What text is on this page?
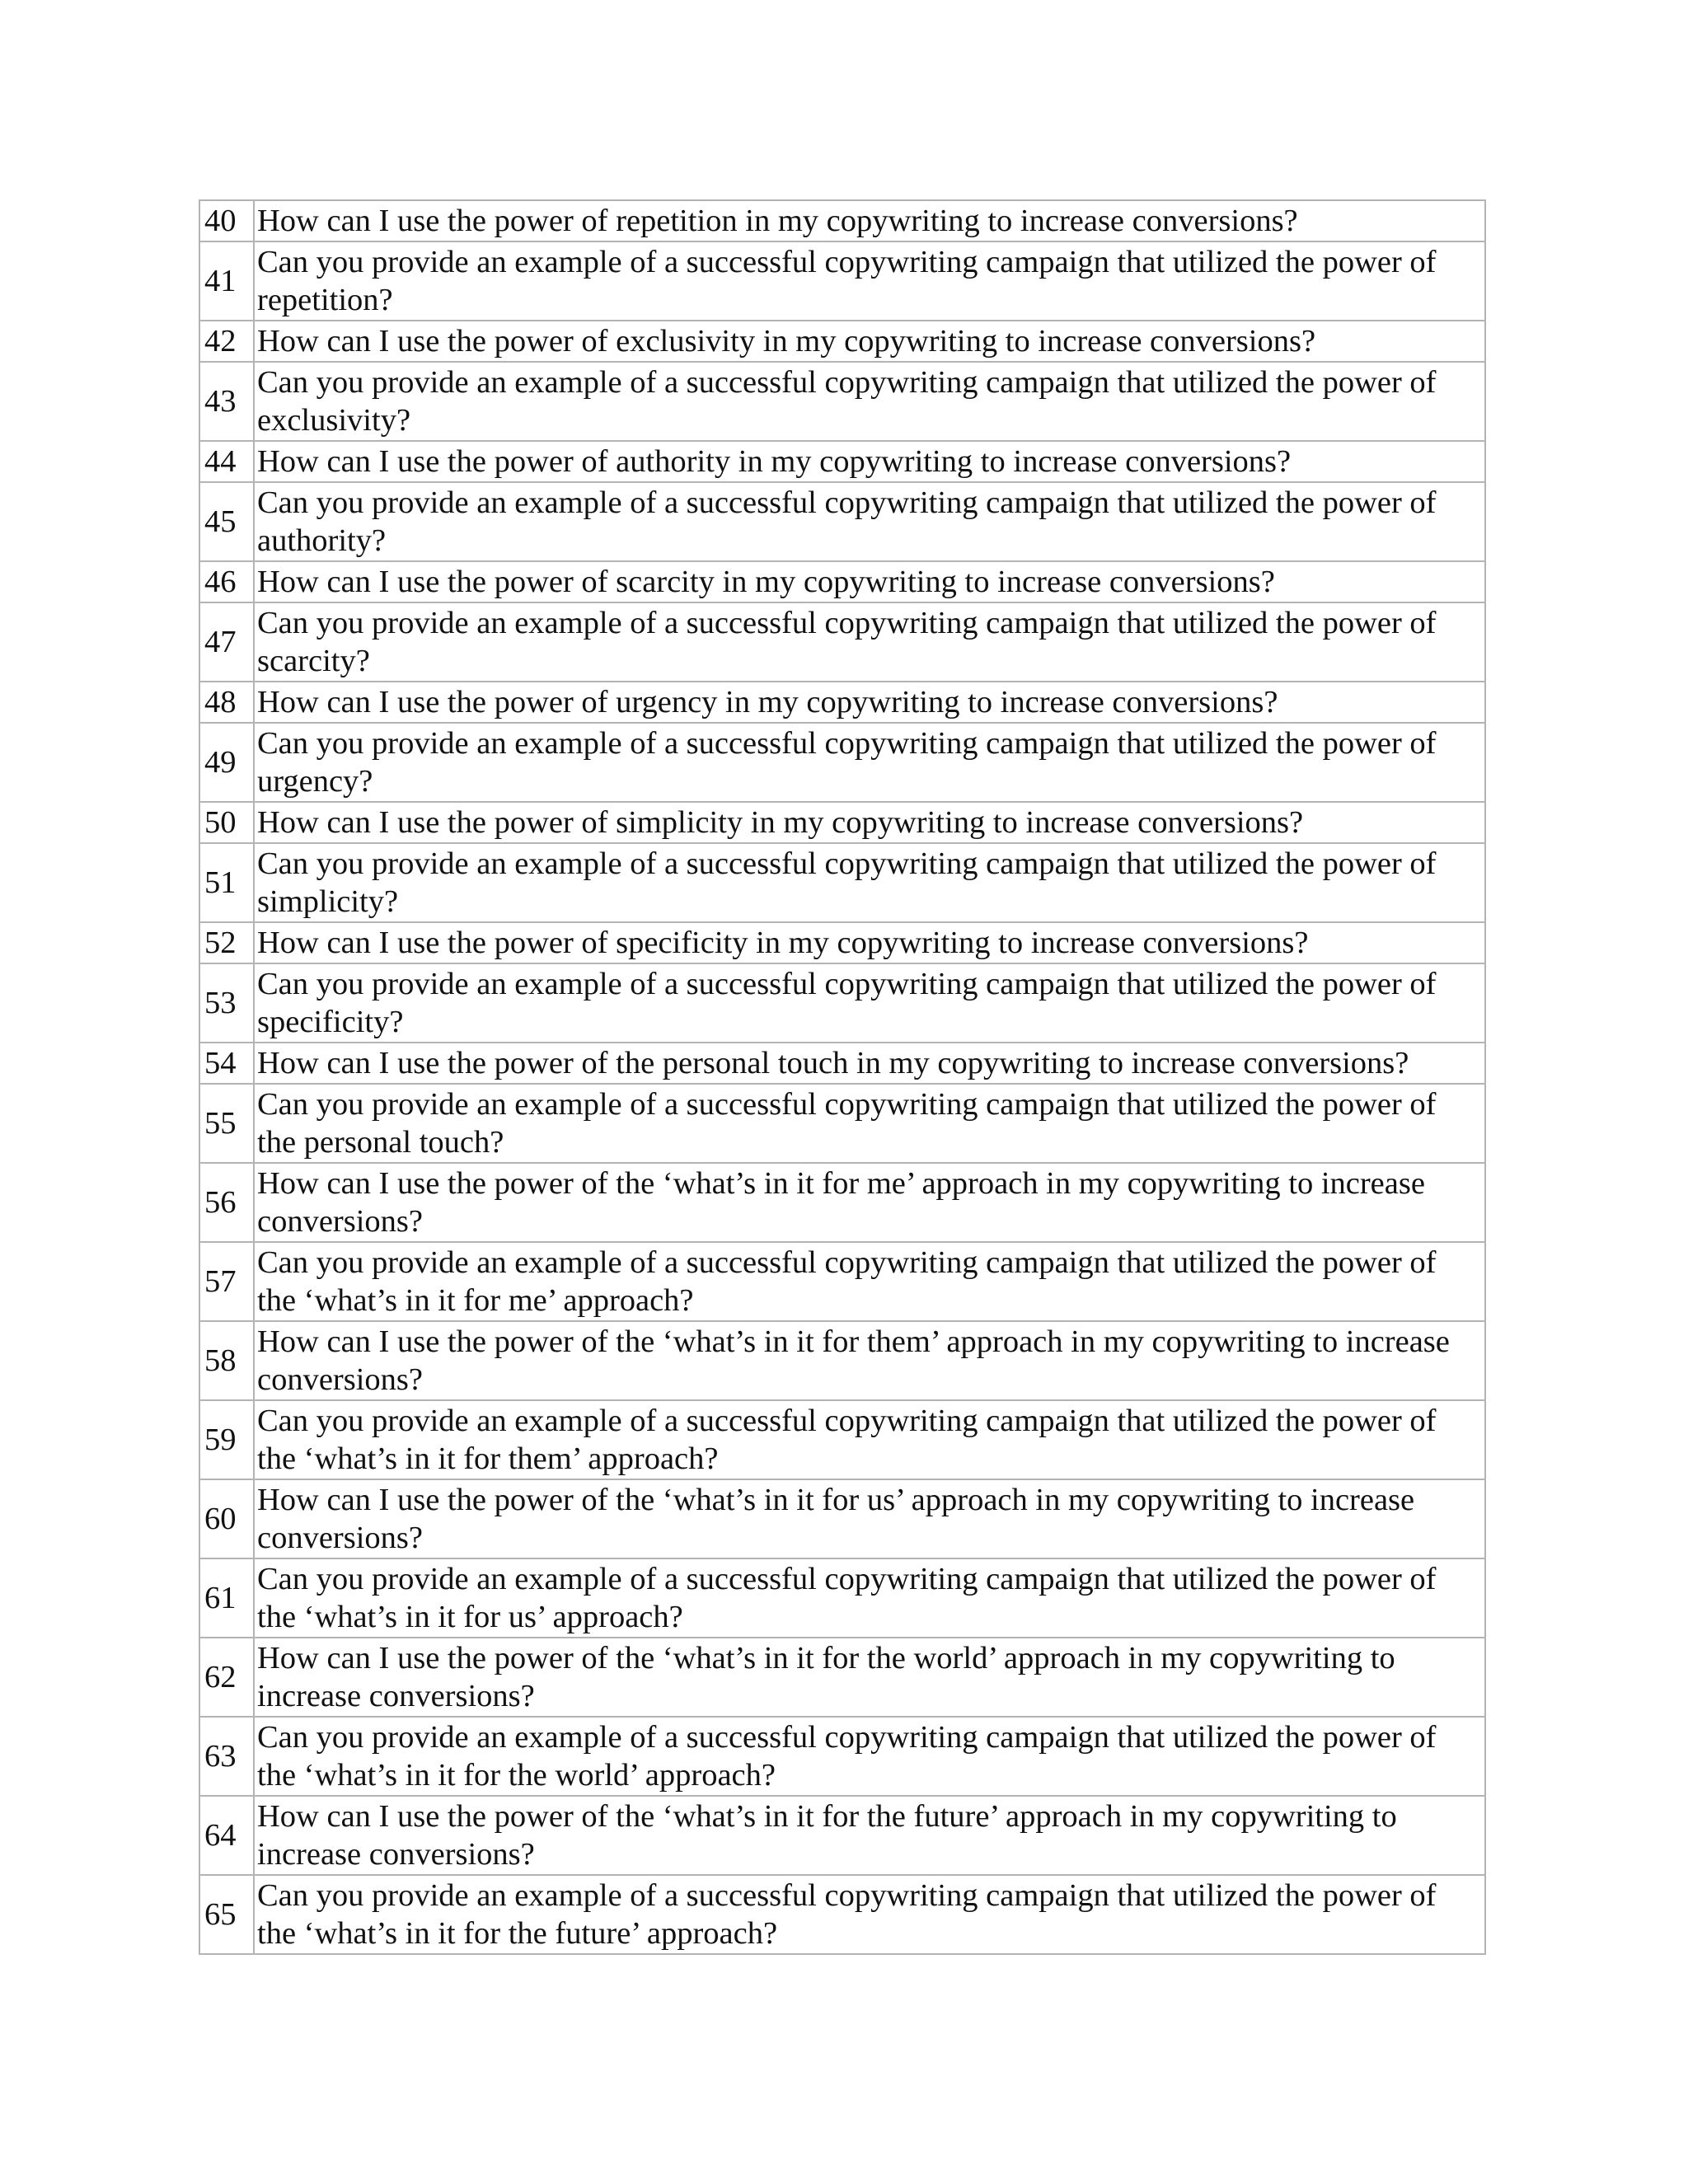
40	How can I use the power of repetition in my copywriting to increase conversions?
41	Can you provide an example of a successful copywriting campaign that utilized the power of repetition?
42	How can I use the power of exclusivity in my copywriting to increase conversions?
43	Can you provide an example of a successful copywriting campaign that utilized the power of exclusivity?
44	How can I use the power of authority in my copywriting to increase conversions?
45	Can you provide an example of a successful copywriting campaign that utilized the power of authority?
46	How can I use the power of scarcity in my copywriting to increase conversions?
47	Can you provide an example of a successful copywriting campaign that utilized the power of scarcity?
48	How can I use the power of urgency in my copywriting to increase conversions?
49	Can you provide an example of a successful copywriting campaign that utilized the power of urgency?
50	How can I use the power of simplicity in my copywriting to increase conversions?
51	Can you provide an example of a successful copywriting campaign that utilized the power of simplicity?
52	How can I use the power of specificity in my copywriting to increase conversions?
53	Can you provide an example of a successful copywriting campaign that utilized the power of specificity?
54	How can I use the power of the personal touch in my copywriting to increase conversions?
55	Can you provide an example of a successful copywriting campaign that utilized the power of the personal touch?
56	How can I use the power of the ‘what’s in it for me’ approach in my copywriting to increase conversions?
57	Can you provide an example of a successful copywriting campaign that utilized the power of the ‘what’s in it for me’ approach?
58	How can I use the power of the ‘what’s in it for them’ approach in my copywriting to increase conversions?
59	Can you provide an example of a successful copywriting campaign that utilized the power of the ‘what’s in it for them’ approach?
60	How can I use the power of the ‘what’s in it for us’ approach in my copywriting to increase conversions?
61	Can you provide an example of a successful copywriting campaign that utilized the power of the ‘what’s in it for us’ approach?
62	How can I use the power of the ‘what’s in it for the world’ approach in my copywriting to increase conversions?
63	Can you provide an example of a successful copywriting campaign that utilized the power of the ‘what’s in it for the world’ approach?
64	How can I use the power of the ‘what’s in it for the future’ approach in my copywriting to increase conversions?
65	Can you provide an example of a successful copywriting campaign that utilized the power of the ‘what’s in it for the future’ approach?
